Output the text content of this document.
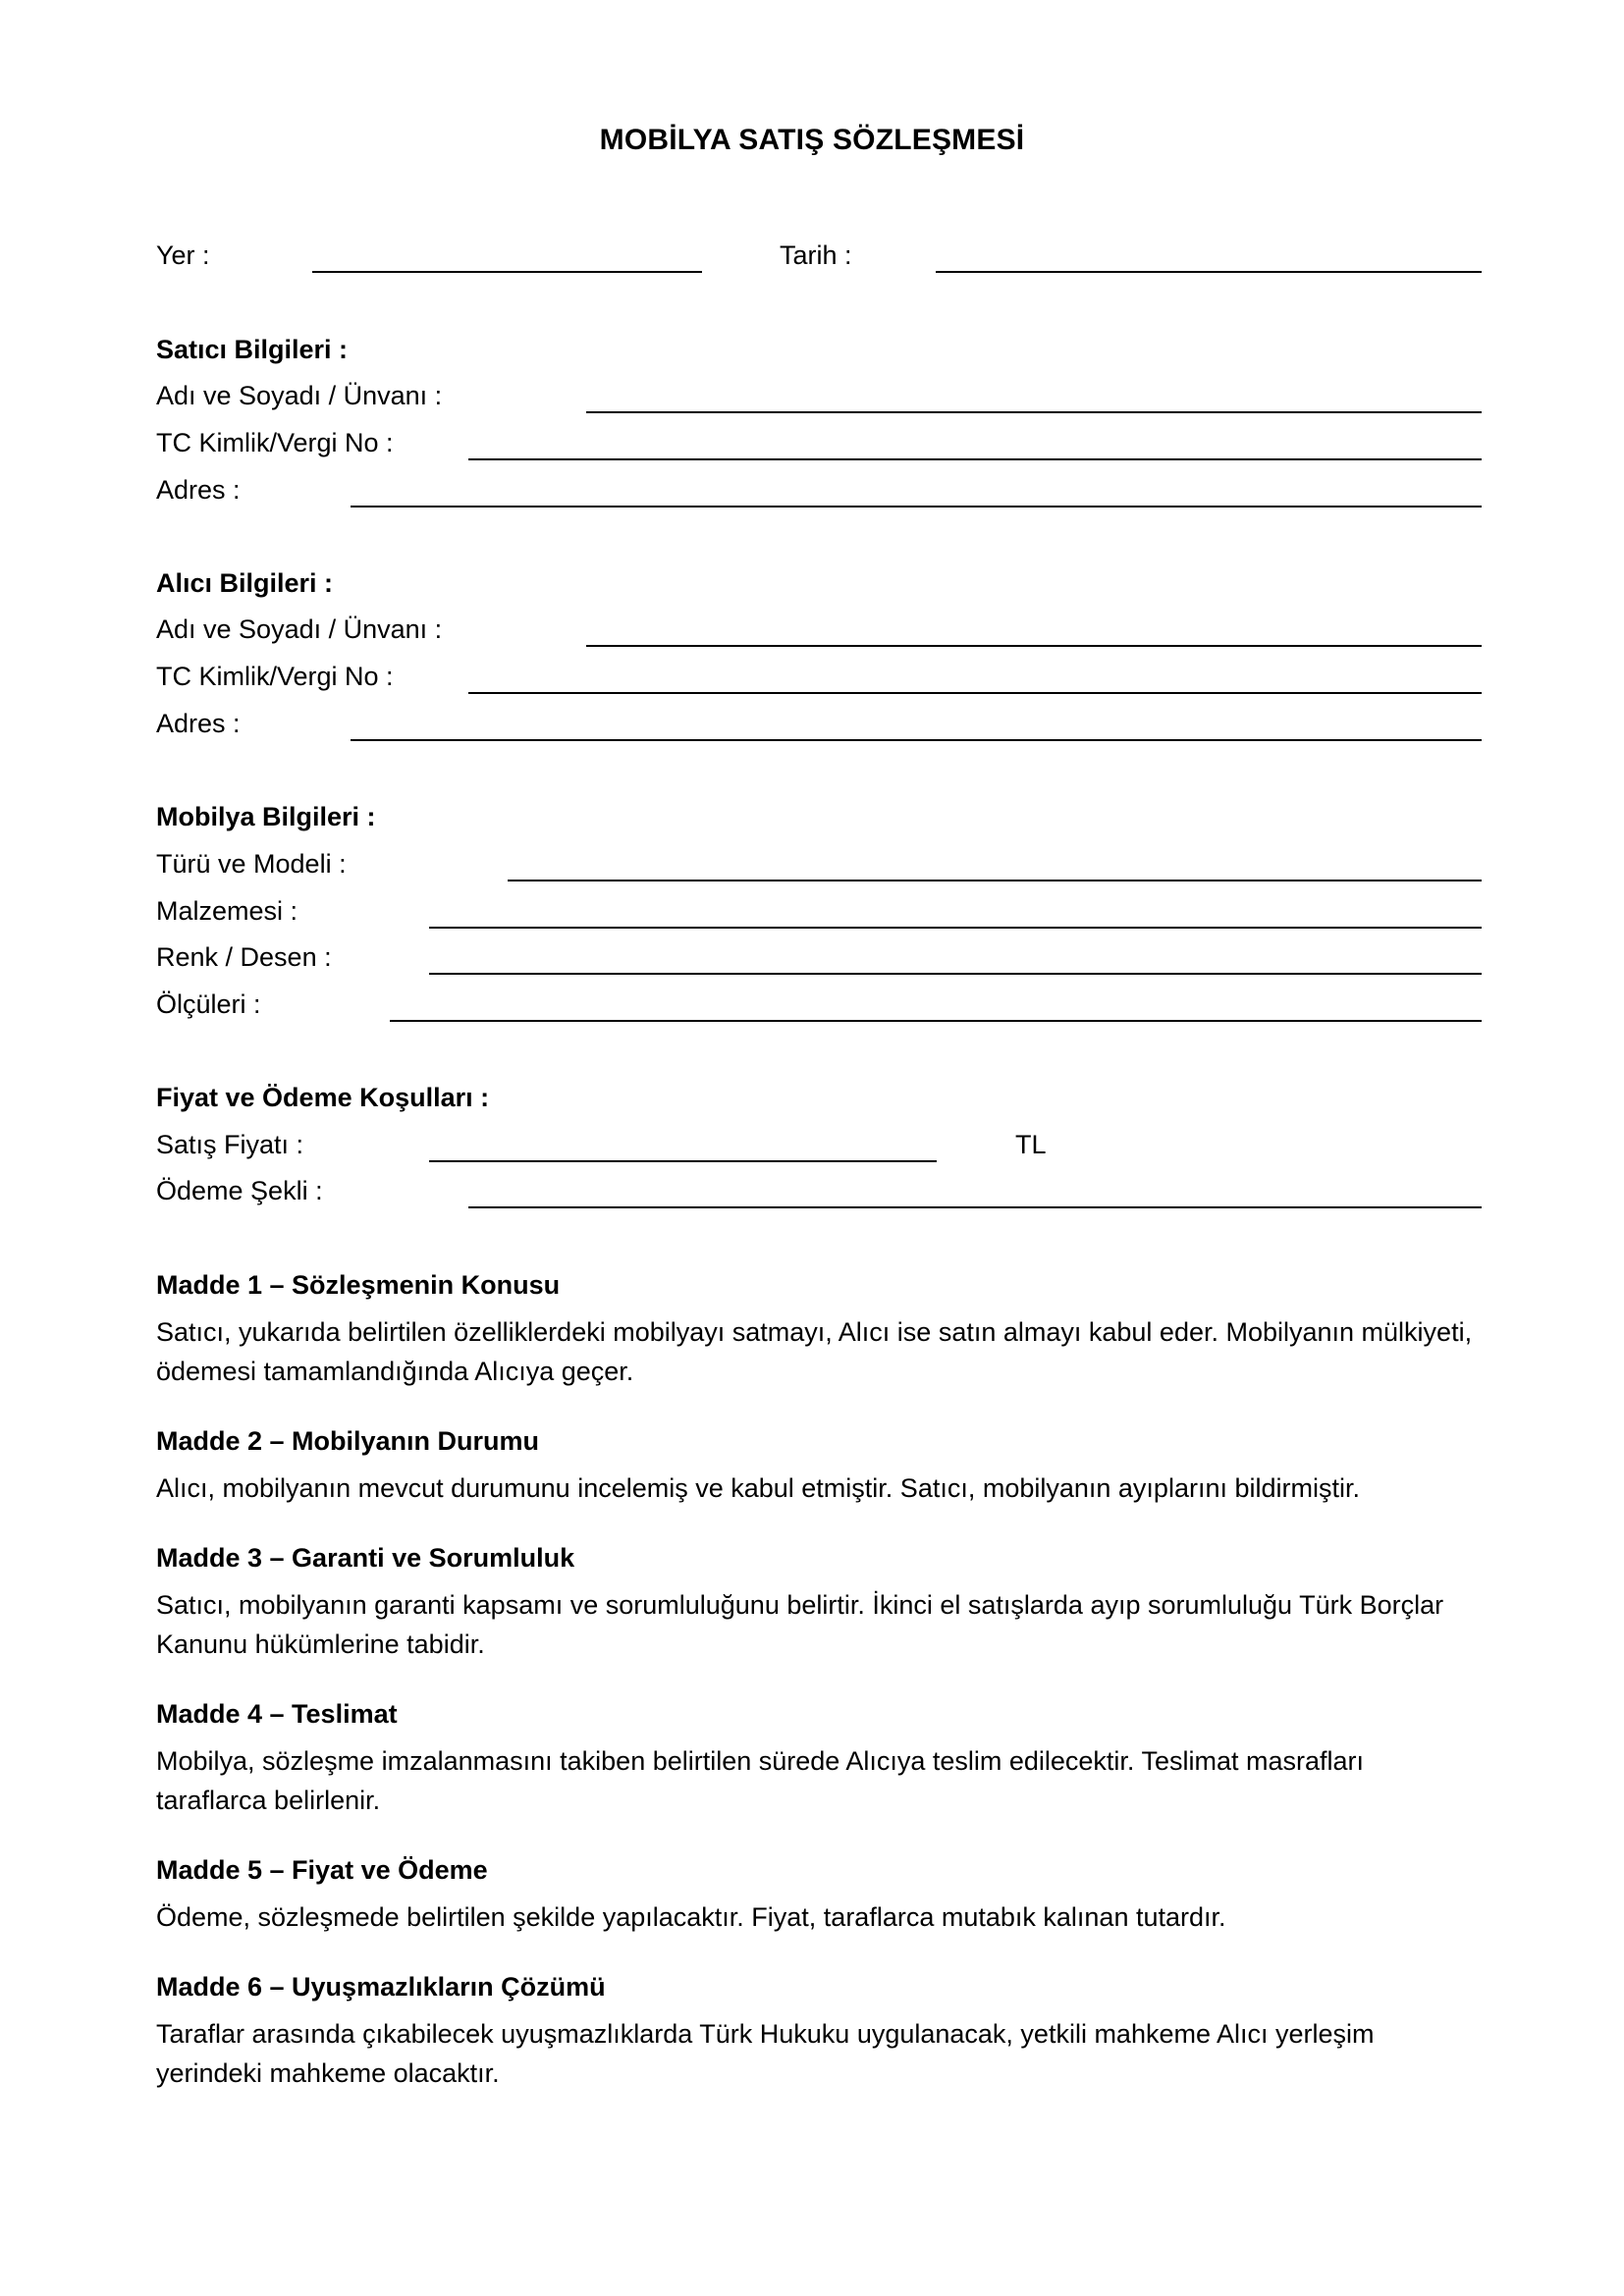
MOBİLYA SATIŞ SÖZLEŞMESİ
Yer :	Tarih :
Satıcı Bilgileri :
Adı ve Soyadı / Ünvanı :
TC Kimlik/Vergi No :
Adres :
Alıcı Bilgileri :
Adı ve Soyadı / Ünvanı :
TC Kimlik/Vergi No :
Adres :
Mobilya Bilgileri :
Türü ve Modeli :
Malzemesi :
Renk / Desen :
Ölçüleri :
Fiyat ve Ödeme Koşulları :
Satış Fiyatı :	TL
Ödeme Şekli :
Madde 1 – Sözleşmenin Konusu
Satıcı, yukarıda belirtilen özelliklerdeki mobilyayı satmayı, Alıcı ise satın almayı kabul eder. Mobilyanın mülkiyeti, ödemesi tamamlandığında Alıcıya geçer.
Madde 2 – Mobilyanın Durumu
Alıcı, mobilyanın mevcut durumunu incelemiş ve kabul etmiştir. Satıcı, mobilyanın ayıplarını bildirmiştir.
Madde 3 – Garanti ve Sorumluluk
Satıcı, mobilyanın garanti kapsamı ve sorumluluğunu belirtir. İkinci el satışlarda ayıp sorumluluğu Türk Borçlar Kanunu hükümlerine tabidir.
Madde 4 – Teslimat
Mobilya, sözleşme imzalanmasını takiben belirtilen sürede Alıcıya teslim edilecektir. Teslimat masrafları taraflarca belirlenir.
Madde 5 – Fiyat ve Ödeme
Ödeme, sözleşmede belirtilen şekilde yapılacaktır. Fiyat, taraflarca mutabık kalınan tutardır.
Madde 6 – Uyuşmazlıkların Çözümü
Taraflar arasında çıkabilecek uyuşmazlıklarda Türk Hukuku uygulanacak, yetkili mahkeme Alıcı yerleşim yerindeki mahkeme olacaktır.
